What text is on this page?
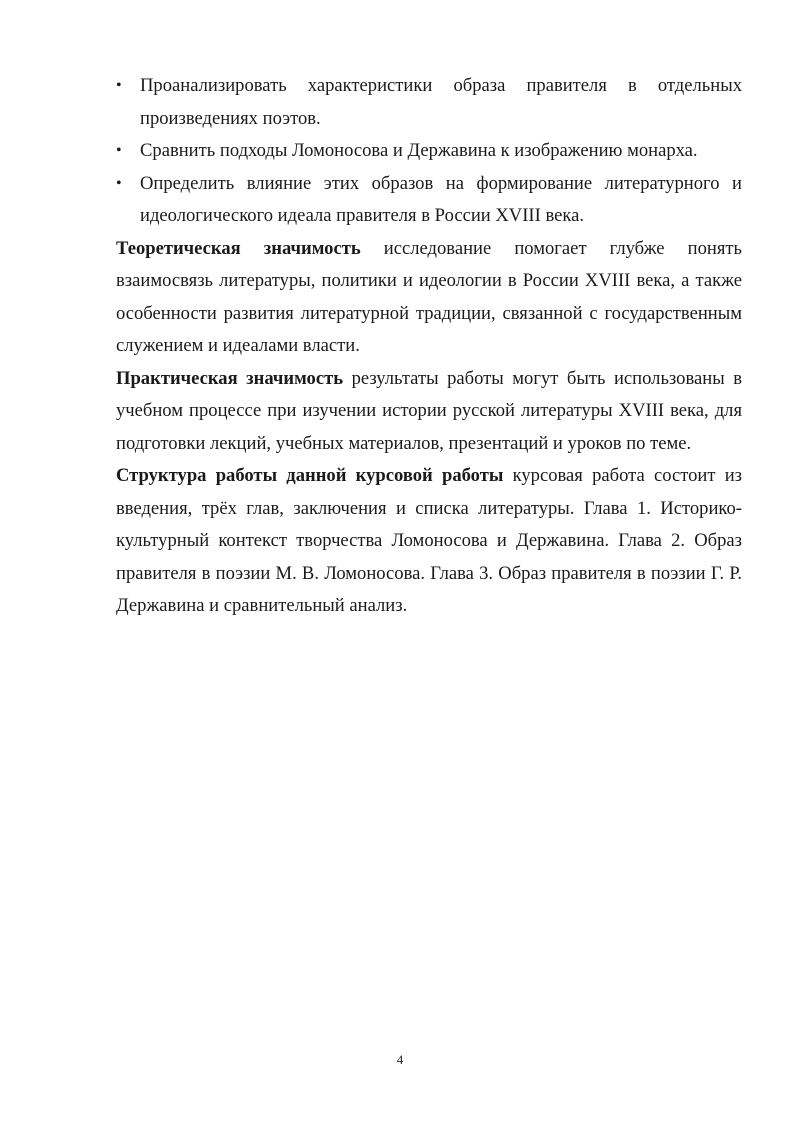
• Проанализировать характеристики образа правителя в отдельных произведениях поэтов.
• Сравнить подходы Ломоносова и Державина к изображению монарха.
• Определить влияние этих образов на формирование литературного и идеологического идеала правителя в России XVIII века.

Теоретическая значимость исследование помогает глубже понять взаимосвязь литературы, политики и идеологии в России XVIII века, а также особенности развития литературной традиции, связанной с государственным служением и идеалами власти.

Практическая значимость результаты работы могут быть использованы в учебном процессе при изучении истории русской литературы XVIII века, для подготовки лекций, учебных материалов, презентаций и уроков по теме.

Структура работы данной курсовой работы курсовая работа состоит из введения, трёх глав, заключения и списка литературы. Глава 1. Историко-культурный контекст творчества Ломоносова и Державина. Глава 2. Образ правителя в поэзии М. В. Ломоносова. Глава 3. Образ правителя в поэзии Г. Р. Державина и сравнительный анализ.

4
